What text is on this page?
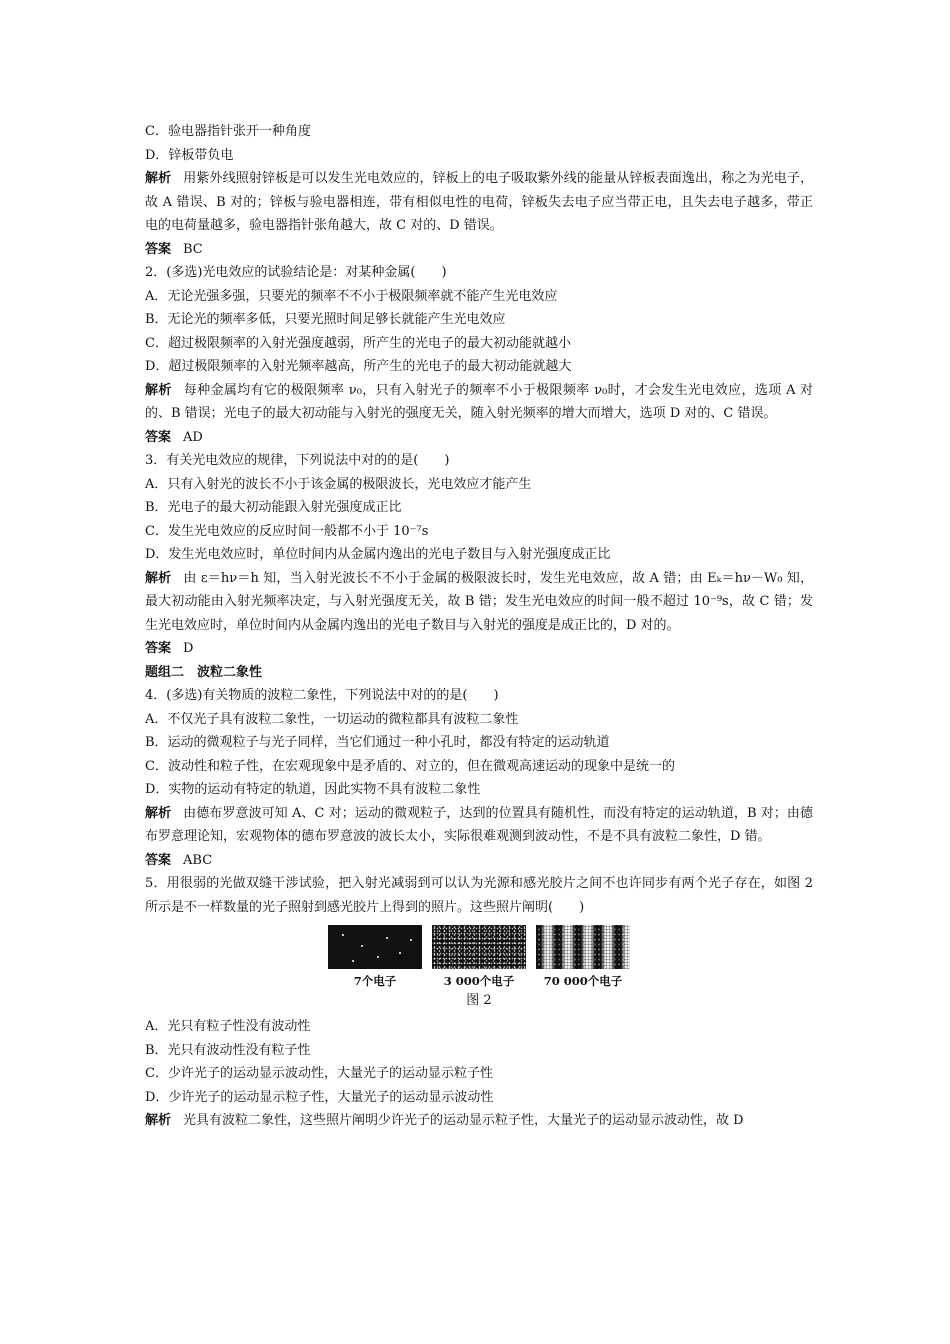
C．验电器指针张开一种角度
D．锌板带负电
解析 用紫外线照射锌板是可以发生光电效应的，锌板上的电子吸取紫外线的能量从锌板表面逸出，称之为光电子，故 A 错误、B 对的；锌板与验电器相连，带有相似电性的电荷，锌板失去电子应当带正电，且失去电子越多，带正电的电荷量越多，验电器指针张角越大，故 C 对的、D 错误。
答案 BC
2．(多选)光电效应的试验结论是：对某种金属(　　)
A．无论光强多强，只要光的频率不不小于极限频率就不能产生光电效应
B．无论光的频率多低，只要光照时间足够长就能产生光电效应
C．超过极限频率的入射光强度越弱，所产生的光电子的最大初动能就越小
D．超过极限频率的入射光频率越高，所产生的光电子的最大初动能就越大
解析 每种金属均有它的极限频率 ν₀，只有入射光子的频率不小于极限频率 ν₀时，才会发生光电效应，选项 A 对的、B 错误；光电子的最大初动能与入射光的强度无关，随入射光频率的增大而增大，选项 D 对的、C 错误。
答案 AD
3．有关光电效应的规律，下列说法中对的的是(　　)
A．只有入射光的波长不小于该金属的极限波长，光电效应才能产生
B．光电子的最大初动能跟入射光强度成正比
C．发生光电效应的反应时间一般都不小于 10⁻⁷s
D．发生光电效应时，单位时间内从金属内逸出的光电子数目与入射光强度成正比
解析 由 ε＝hν＝h 知，当入射光波长不不小于金属的极限波长时，发生光电效应，故 A 错；由 Eₖ＝hν－W₀ 知，最大初动能由入射光频率决定，与入射光强度无关，故 B 错；发生光电效应的时间一般不超过 10⁻⁹s，故 C 错；发生光电效应时，单位时间内从金属内逸出的光电子数目与入射光的强度是成正比的，D 对的。
答案 D
题组二　波粒二象性
4．(多选)有关物质的波粒二象性，下列说法中对的的是(　　)
A．不仅光子具有波粒二象性，一切运动的微粒都具有波粒二象性
B．运动的微观粒子与光子同样，当它们通过一种小孔时，都没有特定的运动轨道
C．波动性和粒子性，在宏观现象中是矛盾的、对立的，但在微观高速运动的现象中是统一的
D．实物的运动有特定的轨道，因此实物不具有波粒二象性
解析 由德布罗意波可知 A、C 对；运动的微观粒子，达到的位置具有随机性，而没有特定的运动轨道，B 对；由德布罗意理论知，宏观物体的德布罗意波的波长太小，实际很难观测到波动性，不是不具有波粒二象性，D 错。
答案 ABC
5．用很弱的光做双缝干涉试验，把入射光减弱到可以认为光源和感光胶片之间不也许同步有两个光子存在，如图 2 所示是不一样数量的光子照射到感光胶片上得到的照片。这些照片阐明(　　)
7个电子	3 000个电子	70 000个电子
图 2
A．光只有粒子性没有波动性
B．光只有波动性没有粒子性
C．少许光子的运动显示波动性，大量光子的运动显示粒子性
D．少许光子的运动显示粒子性，大量光子的运动显示波动性
解析 光具有波粒二象性，这些照片阐明少许光子的运动显示粒子性，大量光子的运动显示波动性，故 D
